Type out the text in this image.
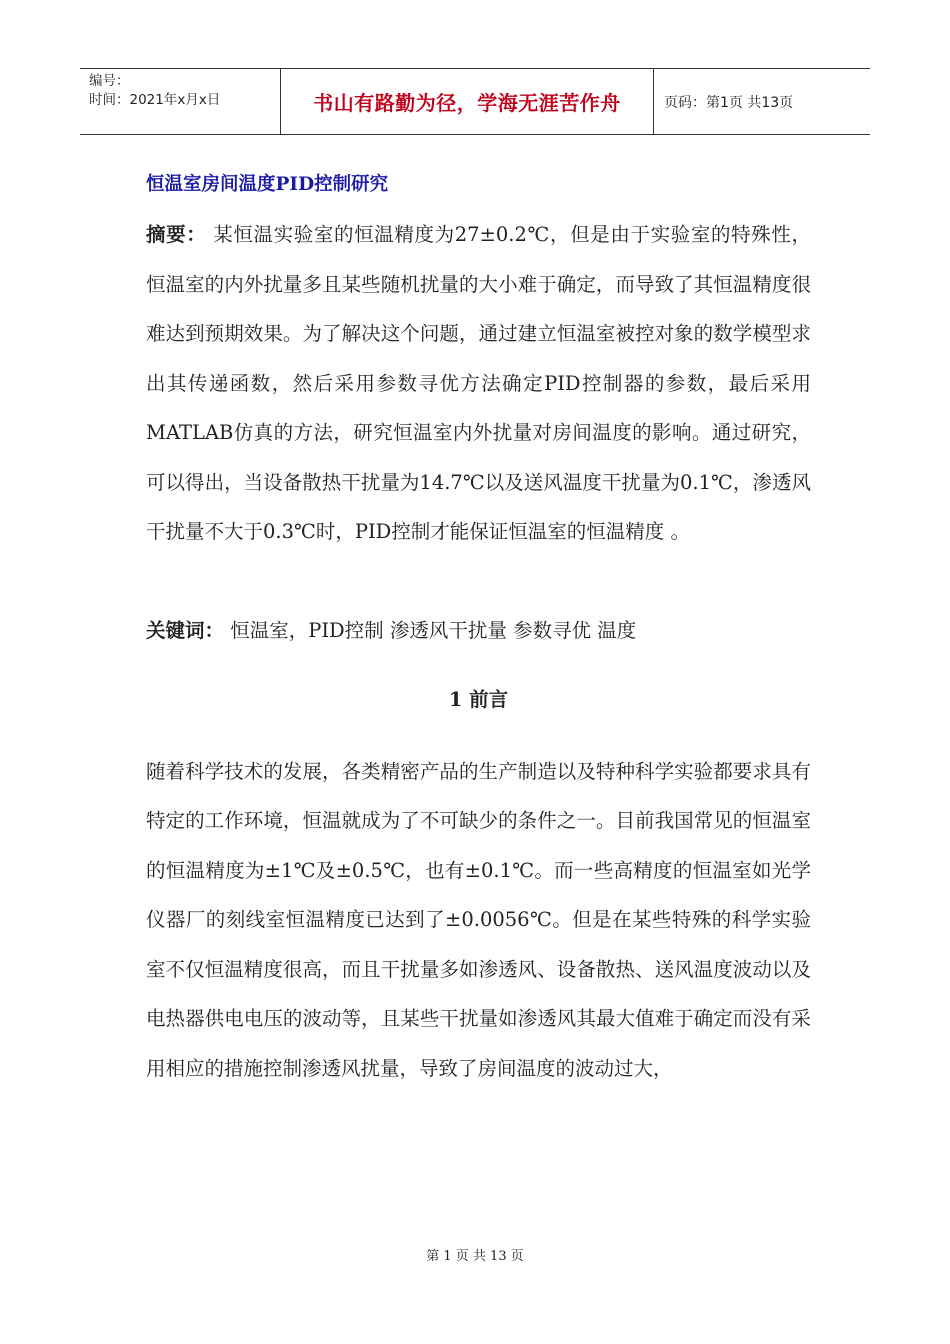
编号：
时间：2021年x月x日	书山有路勤为径，学海无涯苦作舟	页码：第1页 共13页
恒温室房间温度PID控制研究

摘要： 某恒温实验室的恒温精度为27±0.2℃，但是由于实验室的特殊性，恒温室的内外扰量多且某些随机扰量的大小难于确定，而导致了其恒温精度很难达到预期效果。为了解决这个问题，通过建立恒温室被控对象的数学模型求出其传递函数，然后采用参数寻优方法确定PID控制器的参数，最后采用MATLAB仿真的方法，研究恒温室内外扰量对房间温度的影响。通过研究，可以得出，当设备散热干扰量为14.7℃以及送风温度干扰量为0.1℃，渗透风干扰量不大于0.3℃时，PID控制才能保证恒温室的恒温精度 。

关键词： 恒温室，PID控制 渗透风干扰量 参数寻优 温度

1 前言

随着科学技术的发展，各类精密产品的生产制造以及特种科学实验都要求具有特定的工作环境，恒温就成为了不可缺少的条件之一。目前我国常见的恒温室的恒温精度为±1℃及±0.5℃，也有±0.1℃。而一些高精度的恒温室如光学仪器厂的刻线室恒温精度已达到了±0.0056℃。但是在某些特殊的科学实验室不仅恒温精度很高，而且干扰量多如渗透风、设备散热、送风温度波动以及电热器供电电压的波动等，且某些干扰量如渗透风其最大值难于确定而没有采用相应的措施控制渗透风扰量，导致了房间温度的波动过大，

第 1 页 共 13 页
